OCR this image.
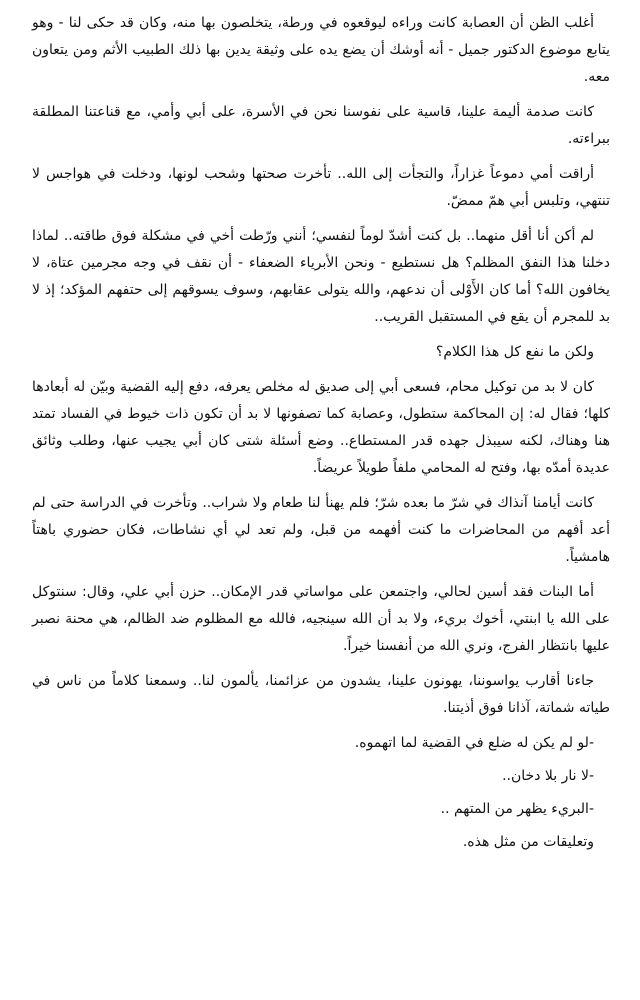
أغلب الظن أن العصابة كانت وراءه ليوقعوه في ورطة، يتخلصون بها منه، وكان قد حكى لنا - وهو يتابع موضوع الدكتور جميل - أنه أوشك أن يضع يده على وثيقة يدين بها ذلك الطبيب الأثم ومن يتعاون معه.

كانت صدمة أليمة علينا، قاسية على نفوسنا نحن في الأسرة، على أبي وأمي، مع قناعتنا المطلقة ببراءته.

أراقت أمي دموعاً غزاراً، والتجأت إلى الله.. تأخرت صحتها وشحب لونها، ودخلت في هواجس لا تنتهي، وتلبس أبي همّ ممضّ.

لم أكن أنا أقل منهما.. بل كنت أشدّ لوماً لنفسي؛ أنني ورّطت أخي في مشكلة فوق طاقته.. لماذا دخلنا هذا النفق المظلم؟ هل نستطيع - ونحن الأبرياء الضعفاء - أن نقف في وجه مجرمين عتاة، لا يخافون الله؟ أما كان الأَوْلى أن ندعهم، والله يتولى عقابهم، وسوف يسوقهم إلى حتفهم المؤكد؛ إذ لا بد للمجرم أن يقع في المستقبل القريب..

ولكن ما نفع كل هذا الكلام؟

كان لا بد من توكيل محام، فسعى أبي إلى صديق له مخلص يعرفه، دفع إليه القضية وبيّن له أبعادها كلها؛ فقال له: إن المحاكمة ستطول، وعصابة كما تصفونها لا بد أن تكون ذات خيوط في الفساد تمتد هنا وهناك، لكنه سيبذل جهده قدر المستطاع.. وضع أسئلة شتى كان أبي يجيب عنها، وطلب وثائق عديدة أمدّه بها، وفتح له المحامي ملفاً طويلاً عريضاً.

كانت أيامنا آنذاك في شرّ ما بعده شرّ؛ فلم يهنأ لنا طعام ولا شراب.. وتأخرت في الدراسة حتى لم أعد أفهم من المحاضرات ما كنت أفهمه من قبل، ولم تعد لي أي نشاطات، فكان حضوري باهتاً هامشياً.

أما البنات فقد أسين لحالي، واجتمعن على مواساتي قدر الإمكان.. حزن أبي علي، وقال: سنتوكل على الله يا ابنتي، أخوك بريء، ولا بد أن الله سينجيه، فالله مع المظلوم ضد الظالم، هي محنة نصبر عليها بانتظار الفرج، ونري الله من أنفسنا خيراً.

جاءنا أقارب يواسوننا، يهونون علينا، يشدون من عزائمنا، يألمون لنا.. وسمعنا كلاماً من ناس في طياته شماتة، آذانا فوق أذيتنا.

-لو لم يكن له ضلع في القضية لما اتهموه.

-لا نار بلا دخان..

-البريء يظهر من المتهم ..

وتعليقات من مثل هذه.
